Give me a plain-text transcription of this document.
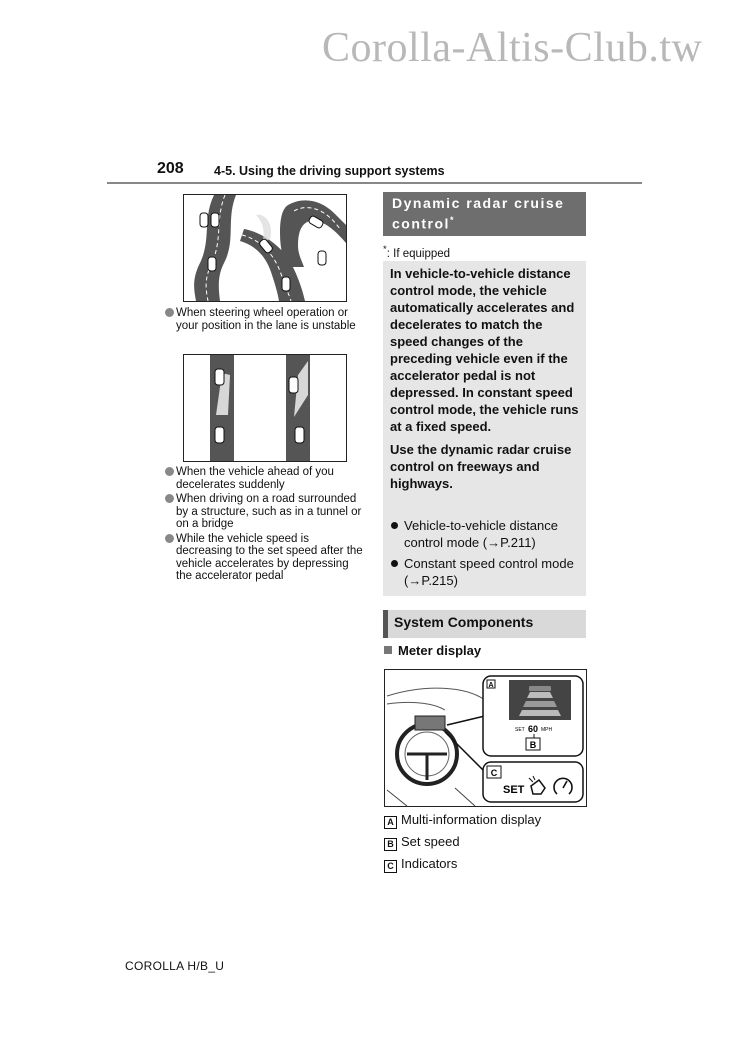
Corolla-Altis-Club.tw
208 4-5. Using the driving support systems
When steering wheel operation or your position in the lane is unstable
When the vehicle ahead of you decelerates suddenly
When driving on a road surrounded by a structure, such as in a tunnel or on a bridge
While the vehicle speed is decreasing to the set speed after the vehicle accelerates by depressing the accelerator pedal
Dynamic radar cruise control*
*: If equipped

In vehicle-to-vehicle distance control mode, the vehicle automatically accelerates and decelerates to match the speed changes of the preceding vehicle even if the accelerator pedal is not depressed. In constant speed control mode, the vehicle runs at a fixed speed.

Use the dynamic radar cruise control on freeways and highways.

Vehicle-to-vehicle distance control mode (→P.211)
Constant speed control mode (→P.215)
System Components
Meter display
A
SET 60 MPH
B
C
SET
A Multi-information display
B Set speed
C Indicators
COROLLA H/B_U
